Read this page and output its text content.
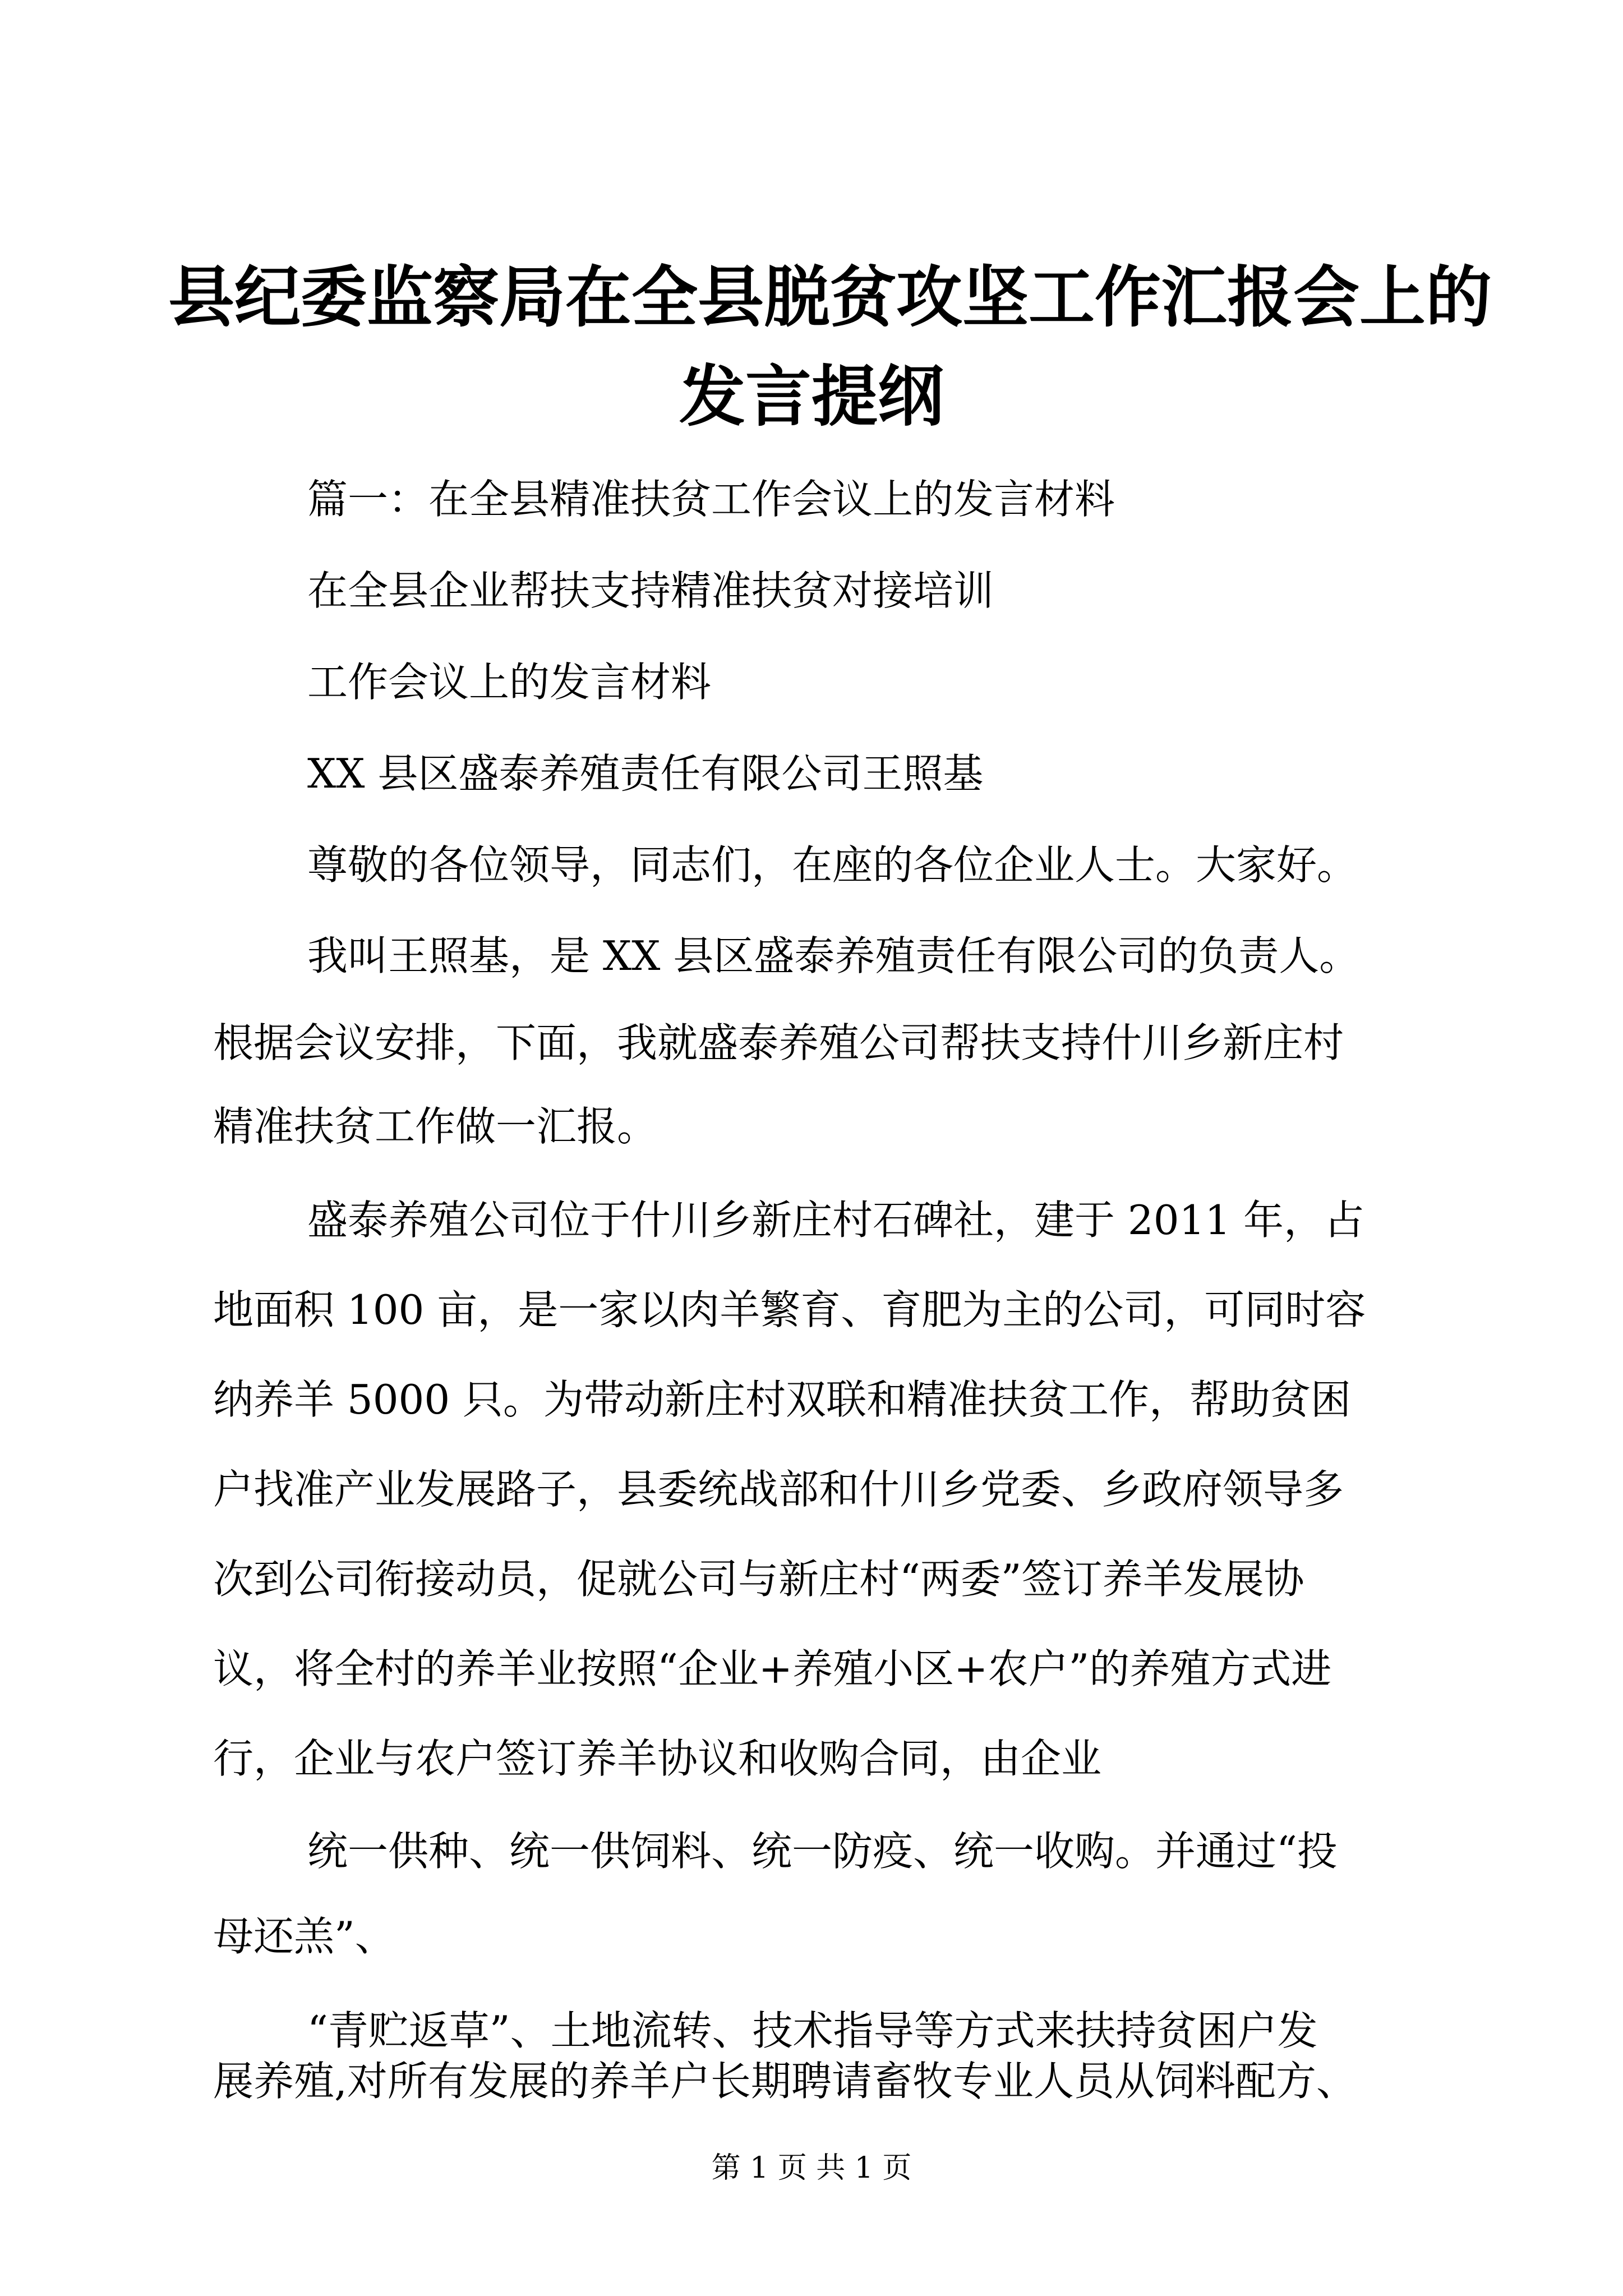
县纪委监察局在全县脱贫攻坚工作汇报会上的
发言提纲
篇一：在全县精准扶贫工作会议上的发言材料
在全县企业帮扶支持精准扶贫对接培训
工作会议上的发言材料
XX 县区盛泰养殖责任有限公司王照基
尊敬的各位领导，同志们，在座的各位企业人士。大家好。
我叫王照基，是 XX 县区盛泰养殖责任有限公司的负责人。
根据会议安排，下面，我就盛泰养殖公司帮扶支持什川乡新庄村
精准扶贫工作做一汇报。
盛泰养殖公司位于什川乡新庄村石碑社，建于 2011 年，占
地面积 100 亩，是一家以肉羊繁育、育肥为主的公司，可同时容
纳养羊 5000 只。为带动新庄村双联和精准扶贫工作，帮助贫困
户找准产业发展路子，县委统战部和什川乡党委、乡政府领导多
次到公司衔接动员，促就公司与新庄村“两委”签订养羊发展协
议，将全村的养羊业按照“企业+养殖小区+农户”的养殖方式进
行，企业与农户签订养羊协议和收购合同，由企业
统一供种、统一供饲料、统一防疫、统一收购。并通过“投
母还羔”、
“青贮返草”、土地流转、技术指导等方式来扶持贫困户发
第 1 页 共 1 页
展养殖,对所有发展的养羊户长期聘请畜牧专业人员从饲料配方、
